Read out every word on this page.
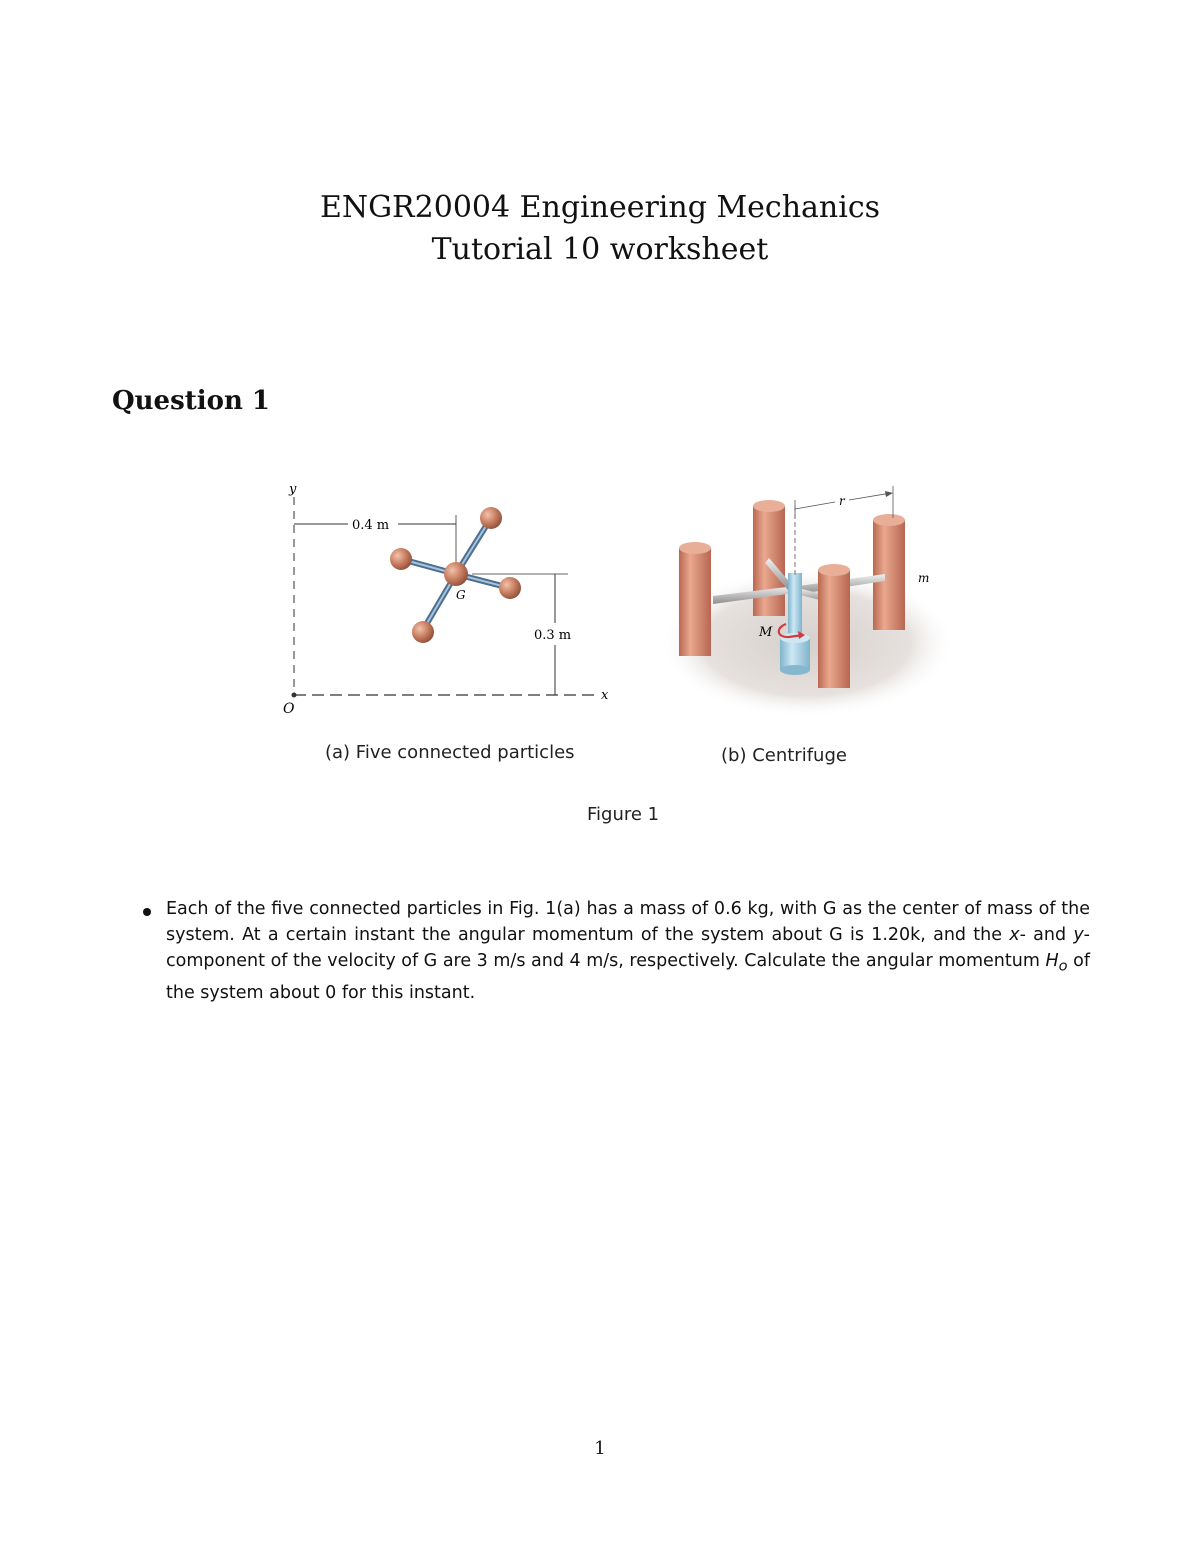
ENGR20004 Engineering Mechanics
Tutorial 10 worksheet
Question 1
y
x
O
0.4 m
0.3 m
G
M
r
m
(a) Five connected particles	(b) Centrifuge
Figure 1
Each of the five connected particles in Fig. 1(a) has a mass of 0.6 kg, with G as the center of mass of the system. At a certain instant the angular momentum of the system about G is 1.20k, and the x- and y-component of the velocity of G are 3 m/s and 4 m/s, respectively. Calculate the angular momentum $H_o$ of the system about 0 for this instant.
1
